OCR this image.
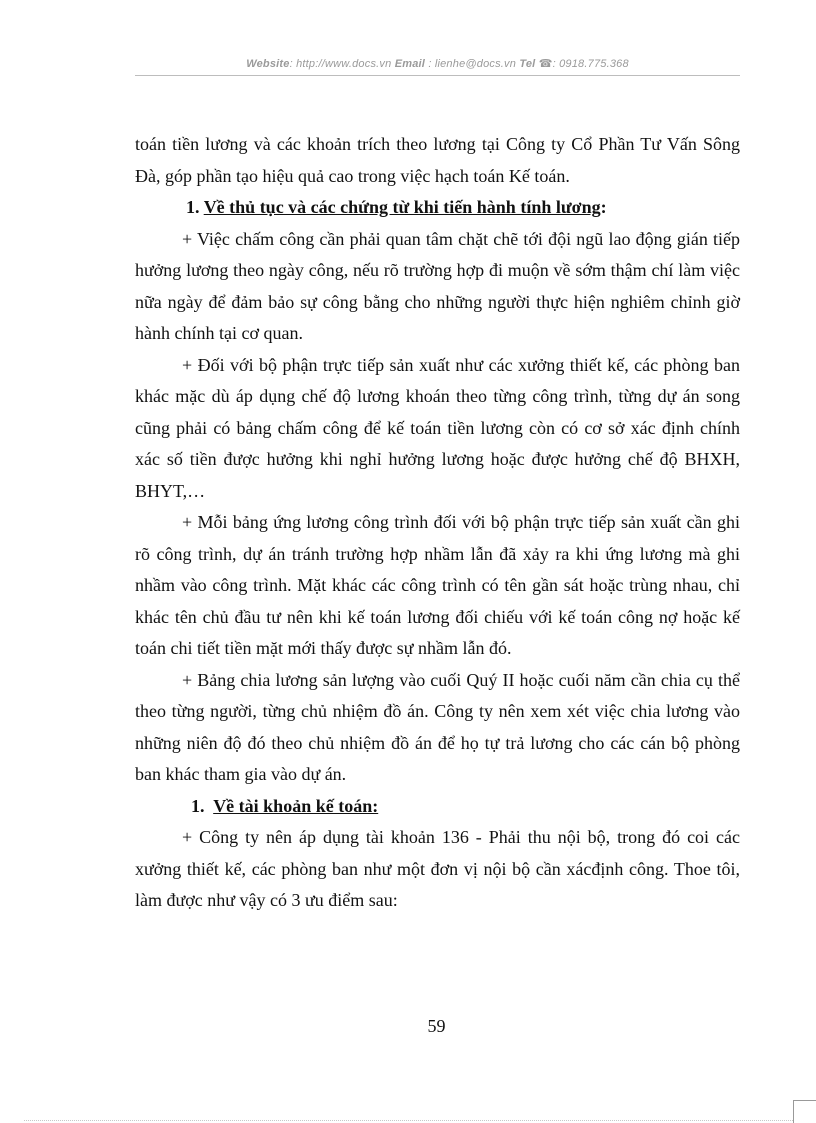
Website: http://www.docs.vn Email : lienhe@docs.vn Tel ☎: 0918.775.368

toán tiền lương và các khoản trích theo lương tại Công ty Cổ Phần Tư Vấn Sông Đà, góp phần tạo hiệu quả cao trong việc hạch toán Kế toán.

1. Về thủ tục và các chứng từ khi tiến hành tính lương:

+ Việc chấm công cần phải quan tâm chặt chẽ tới đội ngũ lao động gián tiếp hưởng lương theo ngày công, nếu rõ trường hợp đi muộn về sớm thậm chí làm việc nữa ngày để đảm bảo sự công bằng cho những người thực hiện nghiêm chỉnh giờ hành chính tại cơ quan.

+ Đối với bộ phận trực tiếp sản xuất như các xưởng thiết kế, các phòng ban khác mặc dù áp dụng chế độ lương khoán theo từng công trình, từng dự án song cũng phải có bảng chấm công để kế toán tiền lương còn có cơ sở xác định chính xác số tiền được hưởng khi nghỉ hưởng lương hoặc được hưởng chế độ BHXH, BHYT,…

+ Mỗi bảng ứng lương công trình đối với bộ phận trực tiếp sản xuất cần ghi rõ công trình, dự án tránh trường hợp nhầm lẫn đã xảy ra khi ứng lương mà ghi nhầm vào công trình. Mặt khác các công trình có tên gần sát hoặc trùng nhau, chỉ khác tên chủ đầu tư nên khi kế toán lương đối chiếu với kế toán công nợ hoặc kế toán chi tiết tiền mặt mới thấy được sự nhầm lẫn đó.

+ Bảng chia lương sản lượng vào cuối Quý II hoặc cuối năm cần chia cụ thể theo từng người, từng chủ nhiệm đồ án. Công ty nên xem xét việc chia lương vào những niên độ đó theo chủ nhiệm đồ án để họ tự trả lương cho các cán bộ phòng ban khác tham gia vào dự án.

1. Về tài khoản kế toán:

+ Công ty nên áp dụng tài khoản 136 - Phải thu nội bộ, trong đó coi các xưởng thiết kế, các phòng ban như một đơn vị nội bộ cần xácđịnh công. Thoe tôi, làm được như vậy có 3 ưu điểm sau:

59
